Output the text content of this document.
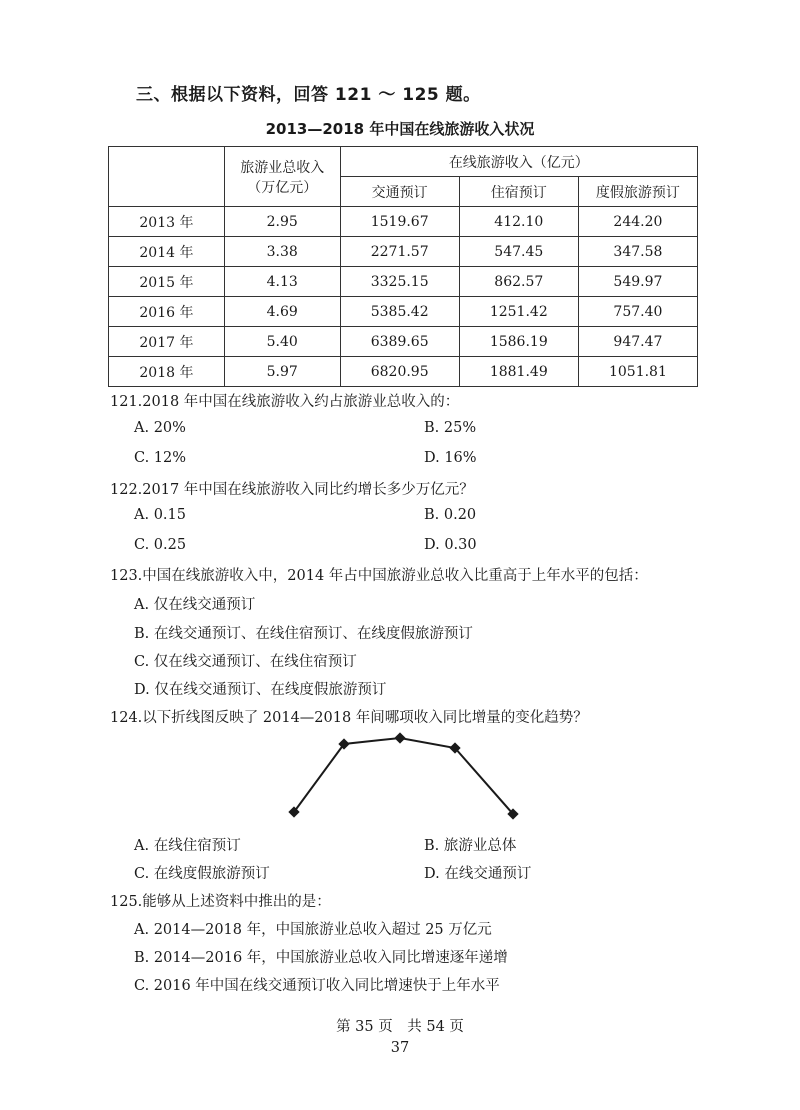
三、根据以下资料，回答 121 ～ 125 题。
2013—2018 年中国在线旅游收入状况

	旅游业总收入
（万亿元）	在线旅游收入（亿元）		
		交通预订	住宿预订	度假旅游预订
2013 年	2.95	1519.67	412.10	244.20
2014 年	3.38	2271.57	547.45	347.58
2015 年	4.13	3325.15	862.57	549.97
2016 年	4.69	5385.42	1251.42	757.40
2017 年	5.40	6389.65	1586.19	947.47
2018 年	5.97	6820.95	1881.49	1051.81
121.2018 年中国在线旅游收入约占旅游业总收入的：
A. 20%	B. 25%
C. 12%	D. 16%
122.2017 年中国在线旅游收入同比约增长多少万亿元？
A. 0.15	B. 0.20
C. 0.25	D. 0.30
123.中国在线旅游收入中，2014 年占中国旅游业总收入比重高于上年水平的包括：
A. 仅在线交通预订
B. 在线交通预订、在线住宿预订、在线度假旅游预订
C. 仅在线交通预订、在线住宿预订
D. 仅在线交通预订、在线度假旅游预订
124.以下折线图反映了 2014—2018 年间哪项收入同比增量的变化趋势？
A. 在线住宿预订	B. 旅游业总体
C. 在线度假旅游预订	D. 在线交通预订
125.能够从上述资料中推出的是：
A. 2014—2018 年，中国旅游业总收入超过 25 万亿元
B. 2014—2016 年，中国旅游业总收入同比增速逐年递增
C. 2016 年中国在线交通预订收入同比增速快于上年水平
第 35 页　共 54 页
37
